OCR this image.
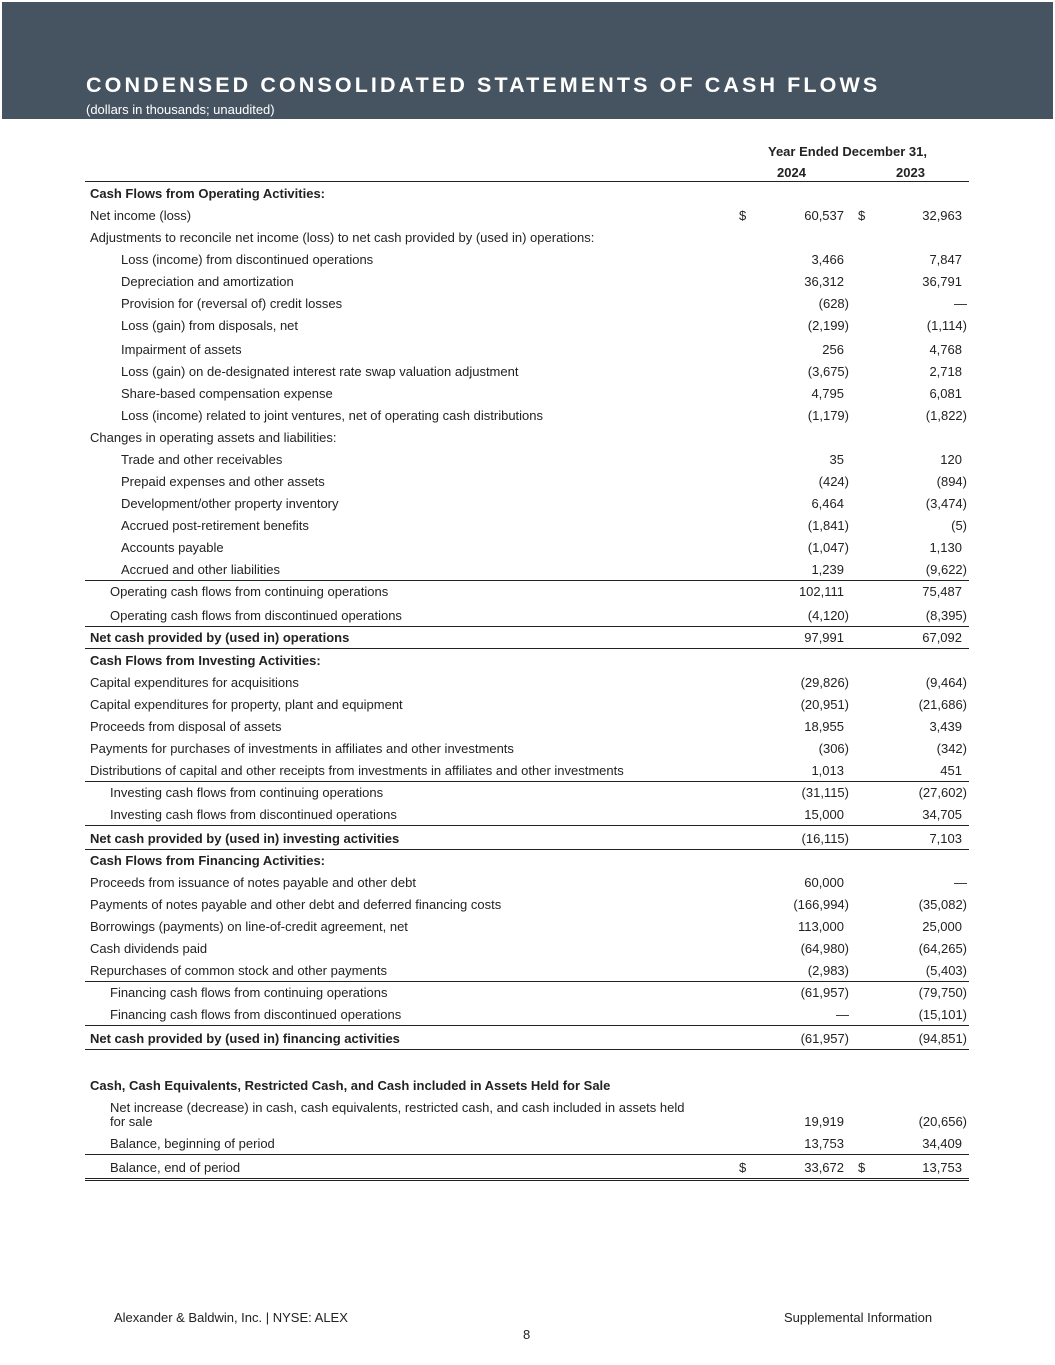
CONDENSED CONSOLIDATED STATEMENTS OF CASH FLOWS
(dollars in thousands; unaudited)
Year Ended December 31,
2024	2023
Cash Flows from Operating Activities:
Net income (loss)	$	60,537 $	32,963
Adjustments to reconcile net income (loss) to net cash provided by (used in) operations:
Loss (income) from discontinued operations	3,466	7,847
Depreciation and amortization	36,312	36,791
Provision for (reversal of) credit losses	(628)	—
Loss (gain) from disposals, net	(2,199)	(1,114)
Impairment of assets	256	4,768
Loss (gain) on de-designated interest rate swap valuation adjustment	(3,675)	2,718
Share-based compensation expense	4,795	6,081
Loss (income) related to joint ventures, net of operating cash distributions	(1,179)	(1,822)
Changes in operating assets and liabilities:
Trade and other receivables	35	120
Prepaid expenses and other assets	(424)	(894)
Development/other property inventory	6,464	(3,474)
Accrued post-retirement benefits	(1,841)	(5)
Accounts payable	(1,047)	1,130
Accrued and other liabilities	1,239	(9,622)
Operating cash flows from continuing operations	102,111	75,487
Operating cash flows from discontinued operations	(4,120)	(8,395)
Net cash provided by (used in) operations	97,991	67,092
Cash Flows from Investing Activities:
Capital expenditures for acquisitions	(29,826)	(9,464)
Capital expenditures for property, plant and equipment	(20,951)	(21,686)
Proceeds from disposal of assets	18,955	3,439
Payments for purchases of investments in affiliates and other investments	(306)	(342)
Distributions of capital and other receipts from investments in affiliates and other investments	1,013	451
Investing cash flows from continuing operations	(31,115)	(27,602)
Investing cash flows from discontinued operations	15,000	34,705
Net cash provided by (used in) investing activities	(16,115)	7,103
Cash Flows from Financing Activities:
Proceeds from issuance of notes payable and other debt	60,000	—
Payments of notes payable and other debt and deferred financing costs	(166,994)	(35,082)
Borrowings (payments) on line-of-credit agreement, net	113,000	25,000
Cash dividends paid	(64,980)	(64,265)
Repurchases of common stock and other payments	(2,983)	(5,403)
Financing cash flows from continuing operations	(61,957)	(79,750)
Financing cash flows from discontinued operations	—	(15,101)
Net cash provided by (used in) financing activities	(61,957)	(94,851)
Cash, Cash Equivalents, Restricted Cash, and Cash included in Assets Held for Sale
Net increase (decrease) in cash, cash equivalents, restricted cash, and cash included in assets held
for sale	19,919	(20,656)
Balance, beginning of period	13,753	34,409
Balance, end of period	$	33,672 $	13,753
Alexander & Baldwin, Inc. | NYSE: ALEX	Supplemental Information
8
